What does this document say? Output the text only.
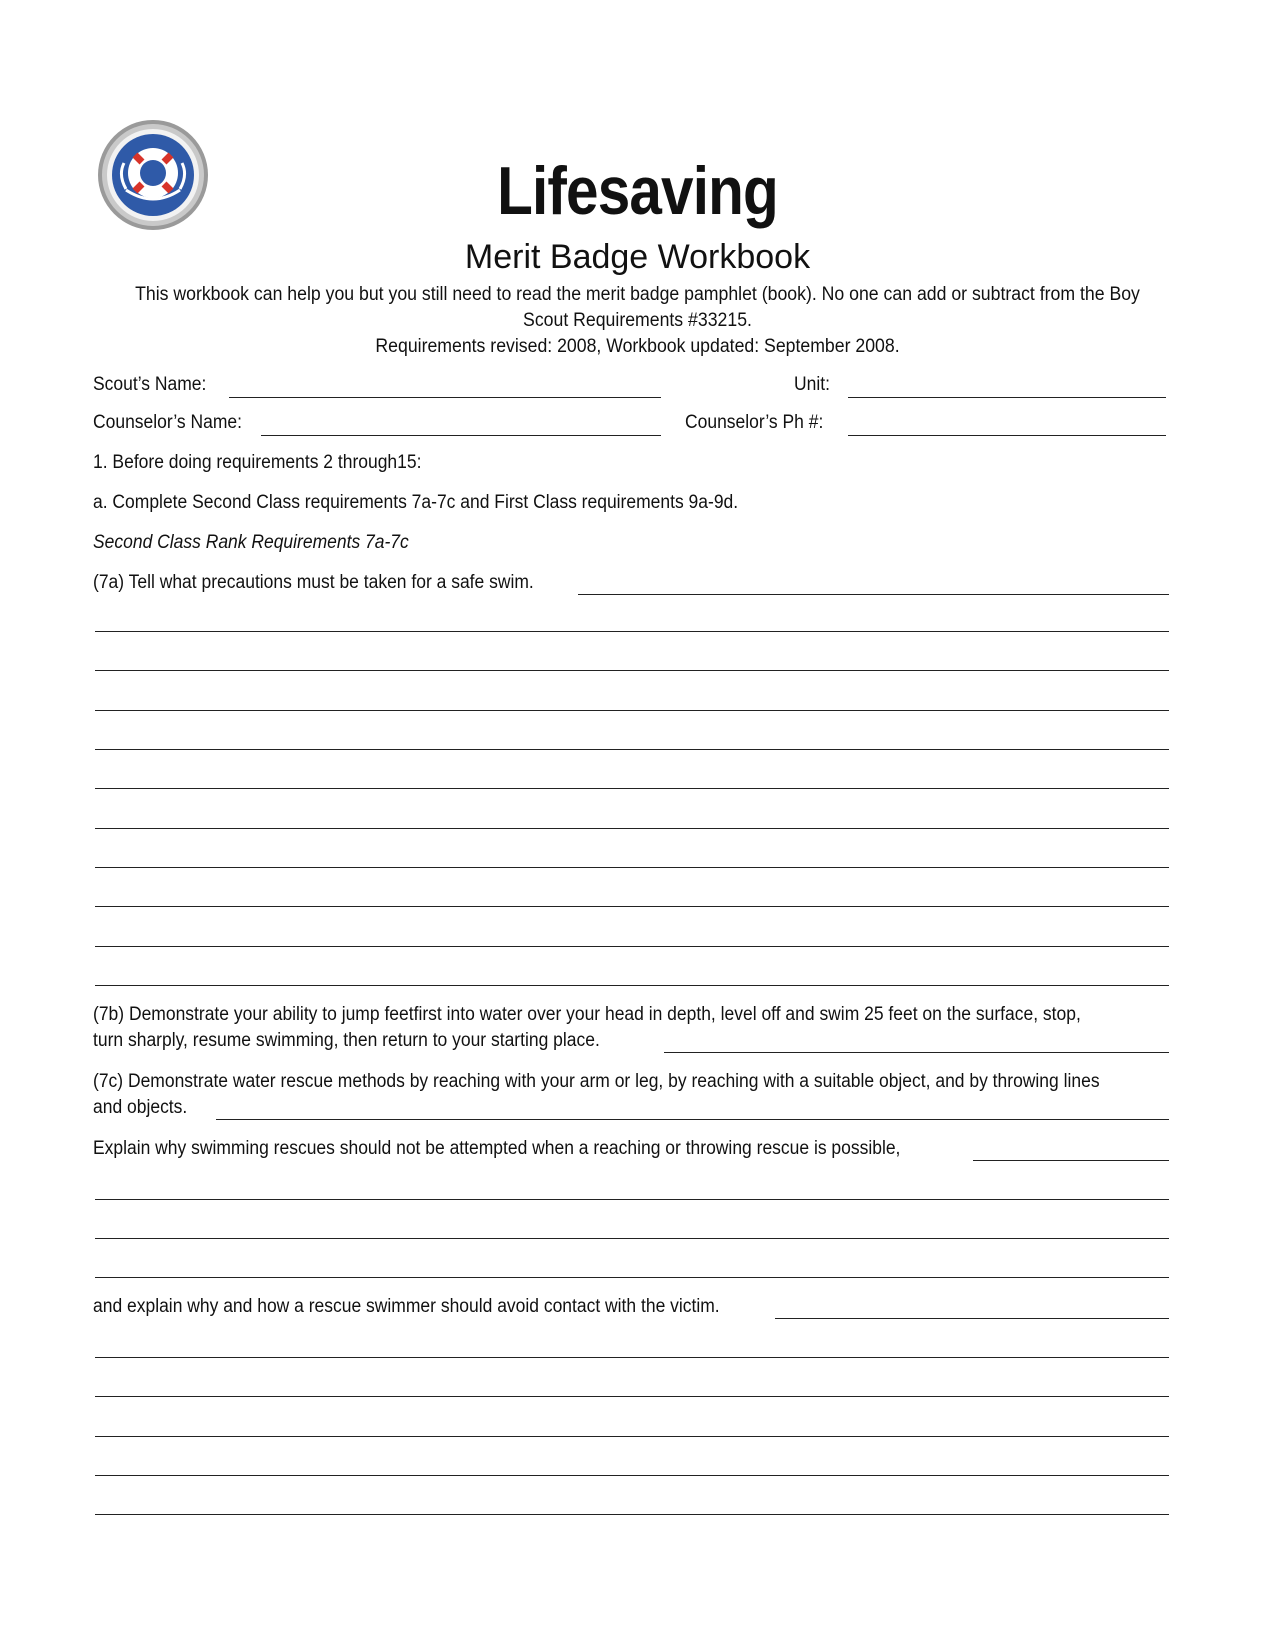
Lifesaving
Merit Badge Workbook
This workbook can help you but you still need to read the merit badge pamphlet (book). No one can add or subtract from the Boy
Scout Requirements #33215.
Requirements revised: 2008, Workbook updated: September 2008.
Scout’s Name:	Unit:
Counselor’s Name:	Counselor’s Ph #:
1. Before doing requirements 2 through15:
a. Complete Second Class requirements 7a-7c and First Class requirements 9a-9d.
Second Class Rank Requirements 7a-7c
(7a) Tell what precautions must be taken for a safe swim.
(7b) Demonstrate your ability to jump feetfirst into water over your head in depth, level off and swim 25 feet on the surface, stop,
turn sharply, resume swimming, then return to your starting place.
(7c) Demonstrate water rescue methods by reaching with your arm or leg, by reaching with a suitable object, and by throwing lines
and objects.
Explain why swimming rescues should not be attempted when a reaching or throwing rescue is possible,
and explain why and how a rescue swimmer should avoid contact with the victim.
